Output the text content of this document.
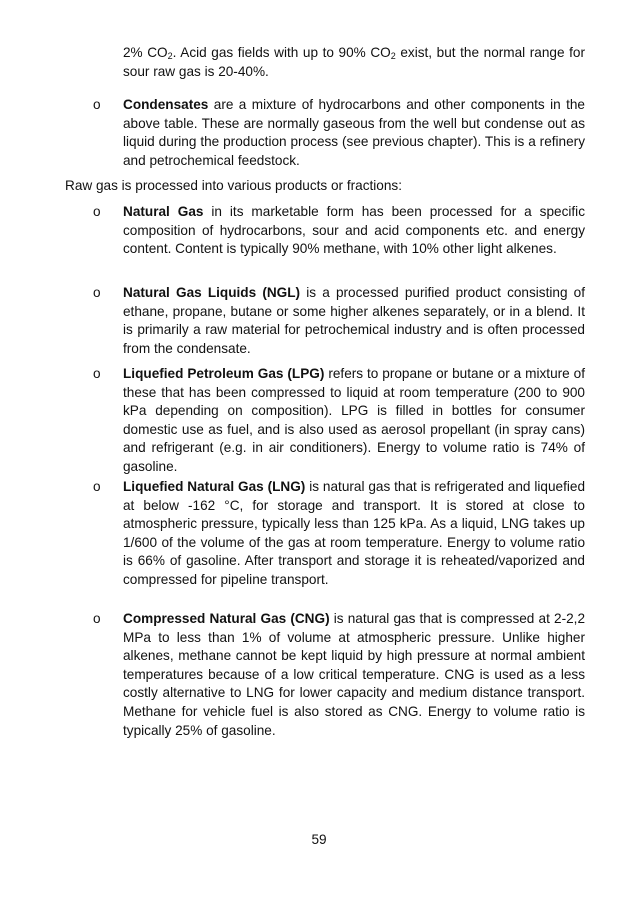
2% $CO_2$. Acid gas fields with up to 90% $CO_2$ exist, but the normal range for sour raw gas is 20-40%.

o Condensates are a mixture of hydrocarbons and other components in the above table. These are normally gaseous from the well but condense out as liquid during the production process (see previous chapter). This is a refinery and petrochemical feedstock.

Raw gas is processed into various products or fractions:

o Natural Gas in its marketable form has been processed for a specific composition of hydrocarbons, sour and acid components etc. and energy content. Content is typically 90% methane, with 10% other light alkenes.

o Natural Gas Liquids (NGL) is a processed purified product consisting of ethane, propane, butane or some higher alkenes separately, or in a blend. It is primarily a raw material for petrochemical industry and is often processed from the condensate.

o Liquefied Petroleum Gas (LPG) refers to propane or butane or a mixture of these that has been compressed to liquid at room temperature (200 to 900 kPa depending on composition). LPG is filled in bottles for consumer domestic use as fuel, and is also used as aerosol propellant (in spray cans) and refrigerant (e.g. in air conditioners). Energy to volume ratio is 74% of gasoline.

o Liquefied Natural Gas (LNG) is natural gas that is refrigerated and liquefied at below -162 °C, for storage and transport. It is stored at close to atmospheric pressure, typically less than 125 kPa. As a liquid, LNG takes up 1/600 of the volume of the gas at room temperature. Energy to volume ratio is 66% of gasoline. After transport and storage it is reheated/vaporized and compressed for pipeline transport.

o Compressed Natural Gas (CNG) is natural gas that is compressed at 2-2,2 MPa to less than 1% of volume at atmospheric pressure. Unlike higher alkenes, methane cannot be kept liquid by high pressure at normal ambient temperatures because of a low critical temperature. CNG is used as a less costly alternative to LNG for lower capacity and medium distance transport. Methane for vehicle fuel is also stored as CNG. Energy to volume ratio is typically 25% of gasoline.

59
